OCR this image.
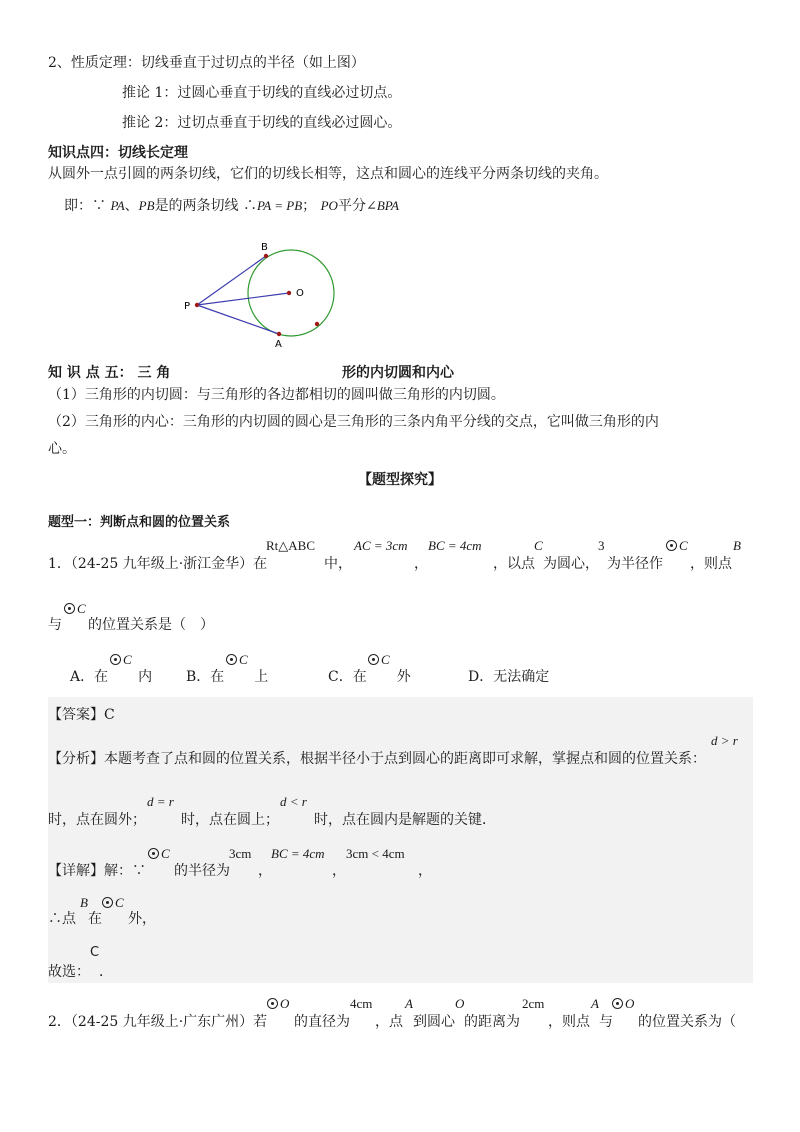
2、性质定理：切线垂直于过切点的半径（如上图）
推论 1：过圆心垂直于切线的直线必过切点。
推论 2：过切点垂直于切线的直线必过圆心。
知识点四：切线长定理
从圆外一点引圆的两条切线，它们的切线长相等，这点和圆心的连线平分两条切线的夹角。
即：∵ PA、PB是的两条切线 ∴PA = PB； PO平分∠BPA
B
O
P
A
知 识 点 五： 三 角	形的内切圆和内心
（1）三角形的内切圆：与三角形的各边都相切的圆叫做三角形的内切圆。
（2）三角形的内心：三角形的内切圆的圆心是三角形的三条内角平分线的交点，它叫做三角形的内
心。
【题型探究】
题型一：判断点和圆的位置关系
1．（24-25 九年级上·浙江金华）在
Rt△ABC
中，
AC = 3cm
，
BC = 4cm
，以点
C
为圆心，
3
为半径作
C
，则点
B
与
C
的位置关系是（　）
A．在 内
C
B．在 上
C
C．在 外
C
D．无法确定
【答案】C
【分析】本题考查了点和圆的位置关系，根据半径小于点到圆心的距离即可求解，掌握点和圆的位置关系：
d > r
时，点在圆外；
d = r
时，点在圆上；
d < r
时，点在圆内是解题的关键．
【详解】解：∵
C
的半径为
3cm
，
BC = 4cm
，
3cm < 4cm
，
∴点
B
在
C
外，
故选：
C
．
2．（24-25 九年级上·广东广州）若
O
的直径为
4cm
，点
A
到圆心
O
的距离为
2cm
，则点
A
与
O
的位置关系为（
